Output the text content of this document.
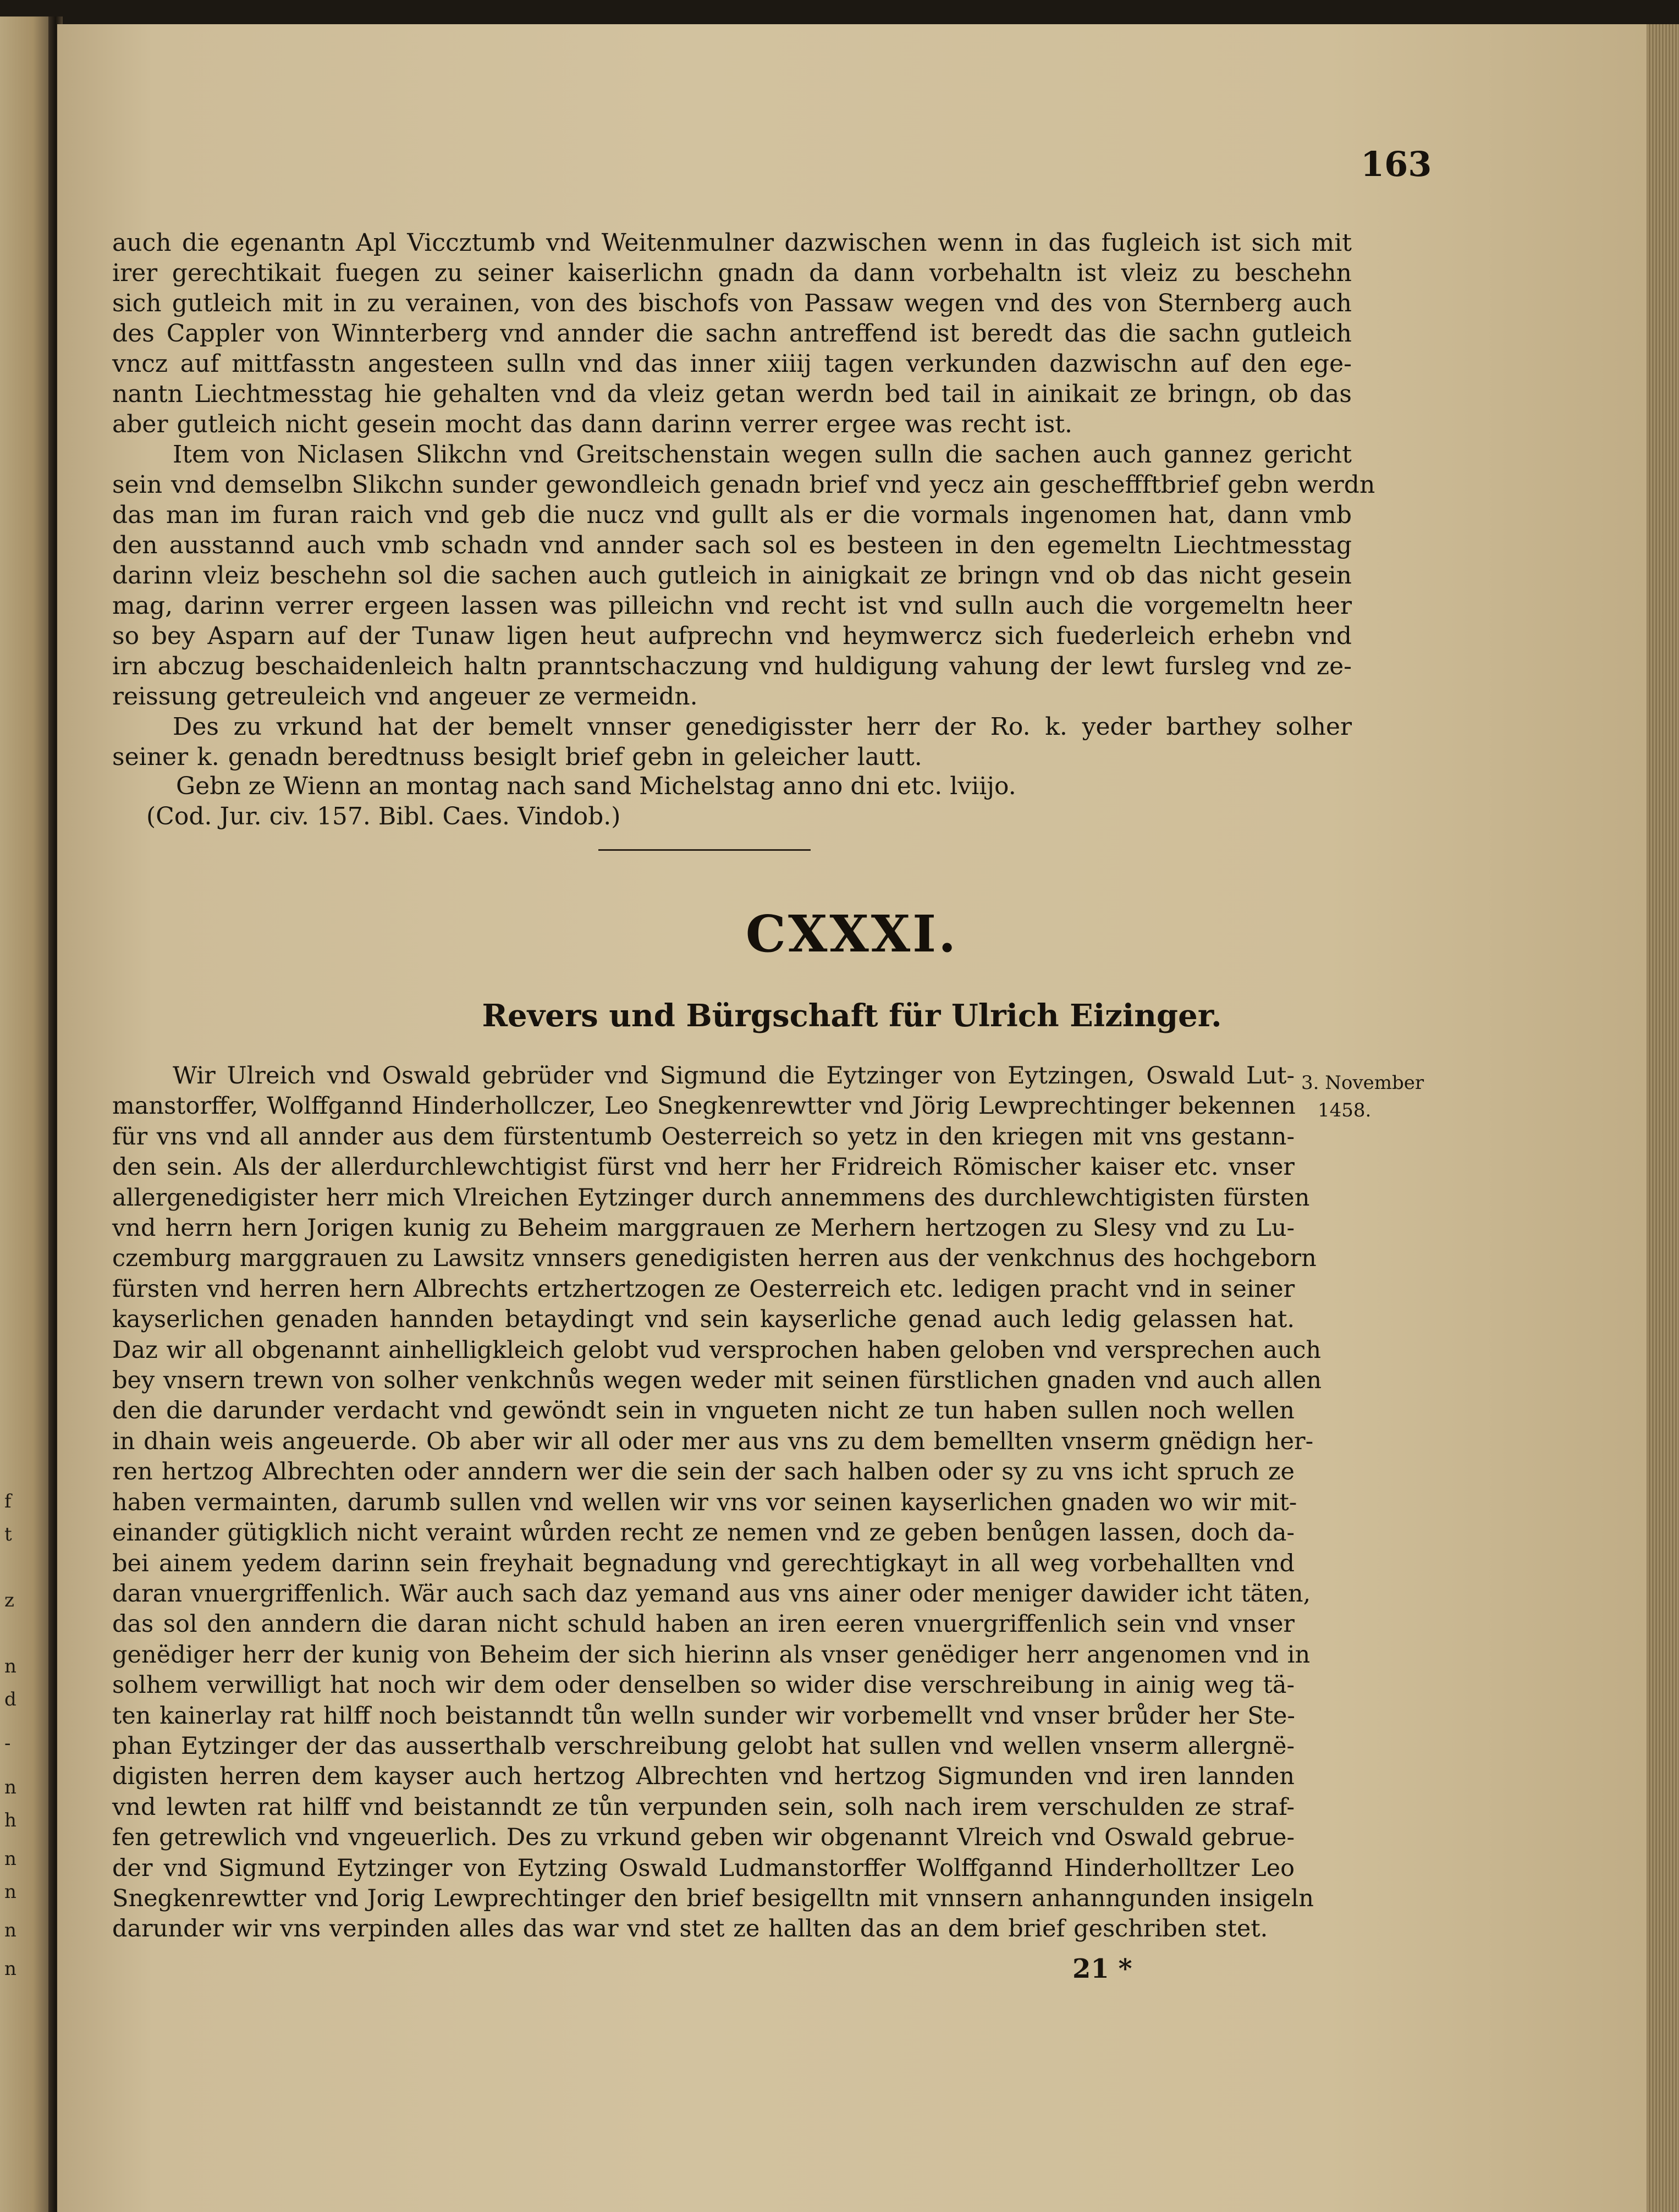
f
t
z
n
d
-
n
h
n
n
n
n
163
auch die egenantn Apl Viccztumb vnd Weitenmulner dazwischen wenn in das fugleich ist sich mit
irer gerechtikait fuegen zu seiner kaiserlichn gnadn da dann vorbehaltn ist vleiz zu beschehn
sich gutleich mit in zu verainen, von des bischofs von Passaw wegen vnd des von Sternberg auch
des Cappler von Winnterberg vnd annder die sachn antreffend ist beredt das die sachn gutleich
vncz auf mittfasstn angesteen sulln vnd das inner xiiij tagen verkunden dazwischn auf den ege-
nantn Liechtmesstag hie gehalten vnd da vleiz getan werdn bed tail in ainikait ze bringn, ob das
aber gutleich nicht gesein mocht das dann darinn verrer ergee was recht ist.
Item von Niclasen Slikchn vnd Greitschenstain wegen sulln die sachen auch gannez gericht
sein vnd demselbn Slikchn sunder gewondleich genadn brief vnd yecz ain gescheffftbrief gebn werdn
das man im furan raich vnd geb die nucz vnd gullt als er die vormals ingenomen hat, dann vmb
den ausstannd auch vmb schadn vnd annder sach sol es besteen in den egemeltn Liechtmesstag
darinn vleiz beschehn sol die sachen auch gutleich in ainigkait ze bringn vnd ob das nicht gesein
mag, darinn verrer ergeen lassen was pilleichn vnd recht ist vnd sulln auch die vorgemeltn heer
so bey Asparn auf der Tunaw ligen heut aufprechn vnd heymwercz sich fuederleich erhebn vnd
irn abczug beschaidenleich haltn pranntschaczung vnd huldigung vahung der lewt fursleg vnd ze-
reissung getreuleich vnd angeuer ze vermeidn.
Des zu vrkund hat der bemelt vnnser genedigisster herr der Ro. k. yeder barthey solher
seiner k. genadn beredtnuss besiglt brief gebn in geleicher lautt.
Gebn ze Wienn an montag nach sand Michelstag anno dni etc. lviijo.
(Cod. Jur. civ. 157. Bibl. Caes. Vindob.)
CXXXI.
Revers und Bürgschaft für Ulrich Eizinger.
3. November
1458.
Wir Ulreich vnd Oswald gebrüder vnd Sigmund die Eytzinger von Eytzingen, Oswald Lut-
manstorffer, Wolffgannd Hinderhollczer, Leo Snegkenrewtter vnd Jörig Lewprechtinger bekennen
für vns vnd all annder aus dem fürstentumb Oesterreich so yetz in den kriegen mit vns gestann-
den sein. Als der allerdurchlewchtigist fürst vnd herr her Fridreich Römischer kaiser etc. vnser
allergenedigister herr mich Vlreichen Eytzinger durch annemmens des durchlewchtigisten fürsten
vnd herrn hern Jorigen kunig zu Beheim marggrauen ze Merhern hertzogen zu Slesy vnd zu Lu-
czemburg marggrauen zu Lawsitz vnnsers genedigisten herren aus der venkchnus des hochgeborn
fürsten vnd herren hern Albrechts ertzhertzogen ze Oesterreich etc. ledigen pracht vnd in seiner
kayserlichen genaden hannden betaydingt vnd sein kayserliche genad auch ledig gelassen hat.
Daz wir all obgenannt ainhelligkleich gelobt vud versprochen haben geloben vnd versprechen auch
bey vnsern trewn von solher venkchnůs wegen weder mit seinen fürstlichen gnaden vnd auch allen
den die darunder verdacht vnd gewöndt sein in vngueten nicht ze tun haben sullen noch wellen
in dhain weis angeuerde. Ob aber wir all oder mer aus vns zu dem bemellten vnserm gnëdign her-
ren hertzog Albrechten oder anndern wer die sein der sach halben oder sy zu vns icht spruch ze
haben vermainten, darumb sullen vnd wellen wir vns vor seinen kayserlichen gnaden wo wir mit-
einander gütigklich nicht veraint wůrden recht ze nemen vnd ze geben benůgen lassen, doch da-
bei ainem yedem darinn sein freyhait begnadung vnd gerechtigkayt in all weg vorbehallten vnd
daran vnuergriffenlich. Wär auch sach daz yemand aus vns ainer oder meniger dawider icht täten,
das sol den anndern die daran nicht schuld haben an iren eeren vnuergriffenlich sein vnd vnser
genëdiger herr der kunig von Beheim der sich hierinn als vnser genëdiger herr angenomen vnd in
solhem verwilligt hat noch wir dem oder denselben so wider dise verschreibung in ainig weg tä-
ten kainerlay rat hilff noch beistanndt tůn welln sunder wir vorbemellt vnd vnser brůder her Ste-
phan Eytzinger der das ausserthalb verschreibung gelobt hat sullen vnd wellen vnserm allergnë-
digisten herren dem kayser auch hertzog Albrechten vnd hertzog Sigmunden vnd iren lannden
vnd lewten rat hilff vnd beistanndt ze tůn verpunden sein, solh nach irem verschulden ze straf-
fen getrewlich vnd vngeuerlich. Des zu vrkund geben wir obgenannt Vlreich vnd Oswald gebrue-
der vnd Sigmund Eytzinger von Eytzing Oswald Ludmanstorffer Wolffgannd Hinderholltzer Leo
Snegkenrewtter vnd Jorig Lewprechtinger den brief besigelltn mit vnnsern anhanngunden insigeln
darunder wir vns verpinden alles das war vnd stet ze hallten das an dem brief geschriben stet.
21 *
